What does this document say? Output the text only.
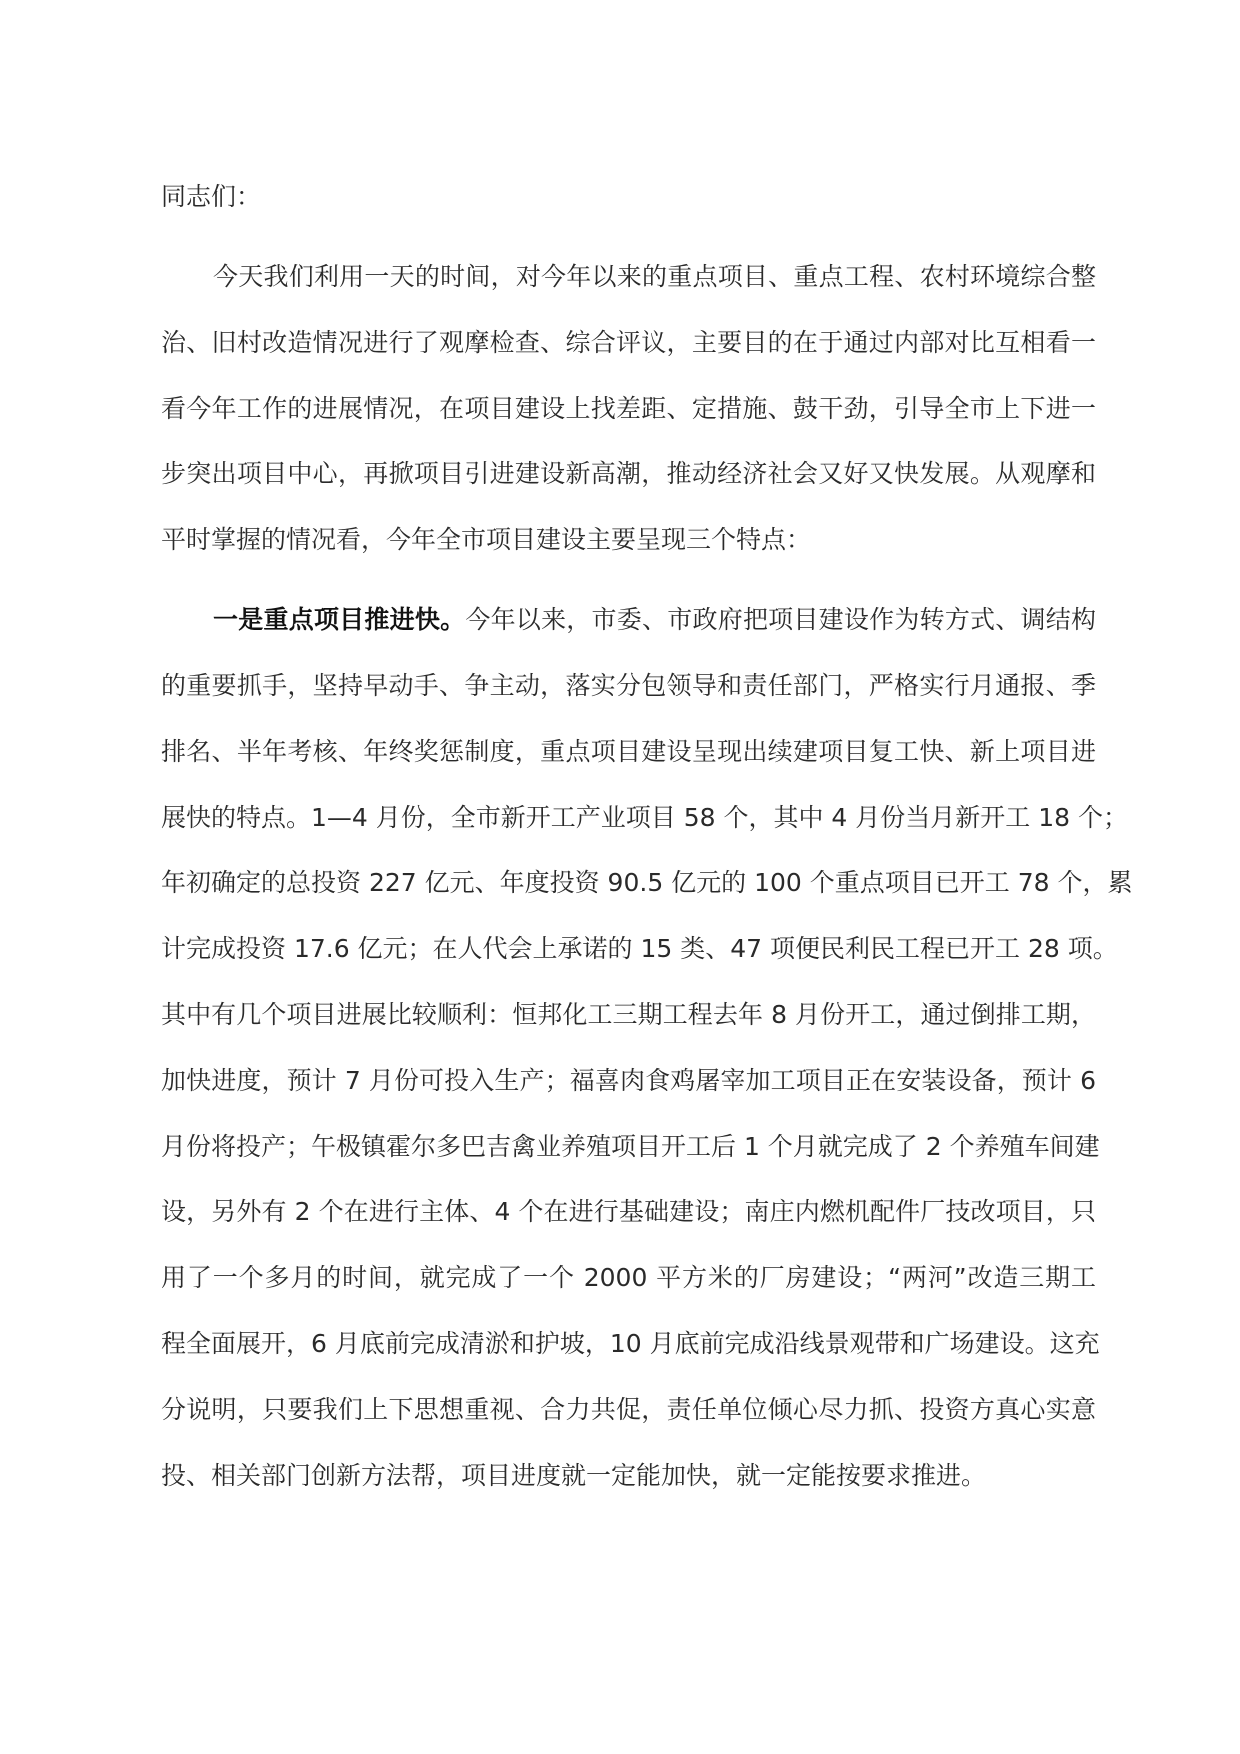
同志们：
今天我们利用一天的时间，对今年以来的重点项目、重点工程、农村环境综合整
治、旧村改造情况进行了观摩检查、综合评议，主要目的在于通过内部对比互相看一
看今年工作的进展情况，在项目建设上找差距、定措施、鼓干劲，引导全市上下进一
步突出项目中心，再掀项目引进建设新高潮，推动经济社会又好又快发展。从观摩和
平时掌握的情况看，今年全市项目建设主要呈现三个特点：
一是重点项目推进快。今年以来，市委、市政府把项目建设作为转方式、调结构
的重要抓手，坚持早动手、争主动，落实分包领导和责任部门，严格实行月通报、季
排名、半年考核、年终奖惩制度，重点项目建设呈现出续建项目复工快、新上项目进
展快的特点。1—4 月份，全市新开工产业项目 58 个，其中 4 月份当月新开工 18 个；
年初确定的总投资 227 亿元、年度投资 90.5 亿元的 100 个重点项目已开工 78 个，累
计完成投资 17.6 亿元；在人代会上承诺的 15 类、47 项便民利民工程已开工 28 项。
其中有几个项目进展比较顺利：恒邦化工三期工程去年 8 月份开工，通过倒排工期，
加快进度，预计 7 月份可投入生产；福喜肉食鸡屠宰加工项目正在安装设备，预计 6
月份将投产；午极镇霍尔多巴吉禽业养殖项目开工后 1 个月就完成了 2 个养殖车间建
设，另外有 2 个在进行主体、4 个在进行基础建设；南庄内燃机配件厂技改项目，只
用了一个多月的时间，就完成了一个 2000 平方米的厂房建设；“两河”改造三期工
程全面展开，6 月底前完成清淤和护坡，10 月底前完成沿线景观带和广场建设。这充
分说明，只要我们上下思想重视、合力共促，责任单位倾心尽力抓、投资方真心实意
投、相关部门创新方法帮，项目进度就一定能加快，就一定能按要求推进。
